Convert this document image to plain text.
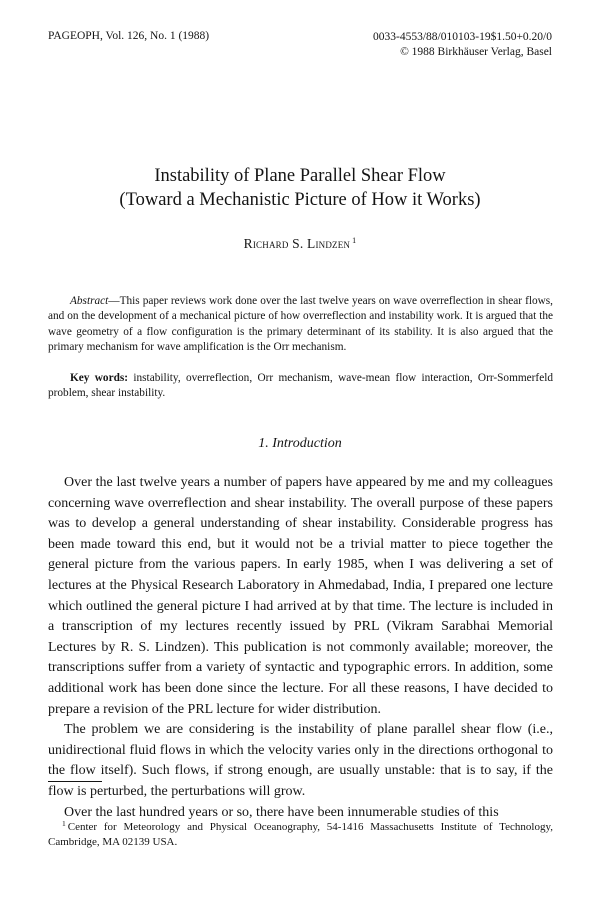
PAGEOPH, Vol. 126, No. 1 (1988)	0033-4553/88/010103-19$1.50+0.20/0
© 1988 Birkhäuser Verlag, Basel
Instability of Plane Parallel Shear Flow
(Toward a Mechanistic Picture of How it Works)
Richard S. Lindzen $^1$
Abstract—This paper reviews work done over the last twelve years on wave overreflection in shear flows, and on the development of a mechanical picture of how overreflection and instability work. It is argued that the wave geometry of a flow configuration is the primary determinant of its stability. It is also argued that the primary mechanism for wave amplification is the Orr mechanism.
Key words: instability, overreflection, Orr mechanism, wave-mean flow interaction, Orr-Sommerfeld problem, shear instability.
1. Introduction

Over the last twelve years a number of papers have appeared by me and my colleagues concerning wave overreflection and shear instability. The overall purpose of these papers was to develop a general understanding of shear instability. Considerable progress has been made toward this end, but it would not be a trivial matter to piece together the general picture from the various papers. In early 1985, when I was delivering a set of lectures at the Physical Research Laboratory in Ahmedabad, India, I prepared one lecture which outlined the general picture I had arrived at by that time. The lecture is included in a transcription of my lectures recently issued by PRL (Vikram Sarabhai Memorial Lectures by R. S. Lindzen). This publication is not commonly available; moreover, the transcriptions suffer from a variety of syntactic and typographic errors. In addition, some additional work has been done since the lecture. For all these reasons, I have decided to prepare a revision of the PRL lecture for wider distribution.

The problem we are considering is the instability of plane parallel shear flow (i.e., unidirectional fluid flows in which the velocity varies only in the directions orthogonal to the flow itself). Such flows, if strong enough, are usually unstable: that is to say, if the flow is perturbed, the perturbations will grow.

Over the last hundred years or so, there have been innumerable studies of this

$^1$ Center for Meteorology and Physical Oceanography, 54-1416 Massachusetts Institute of Technology, Cambridge, MA 02139 USA.
